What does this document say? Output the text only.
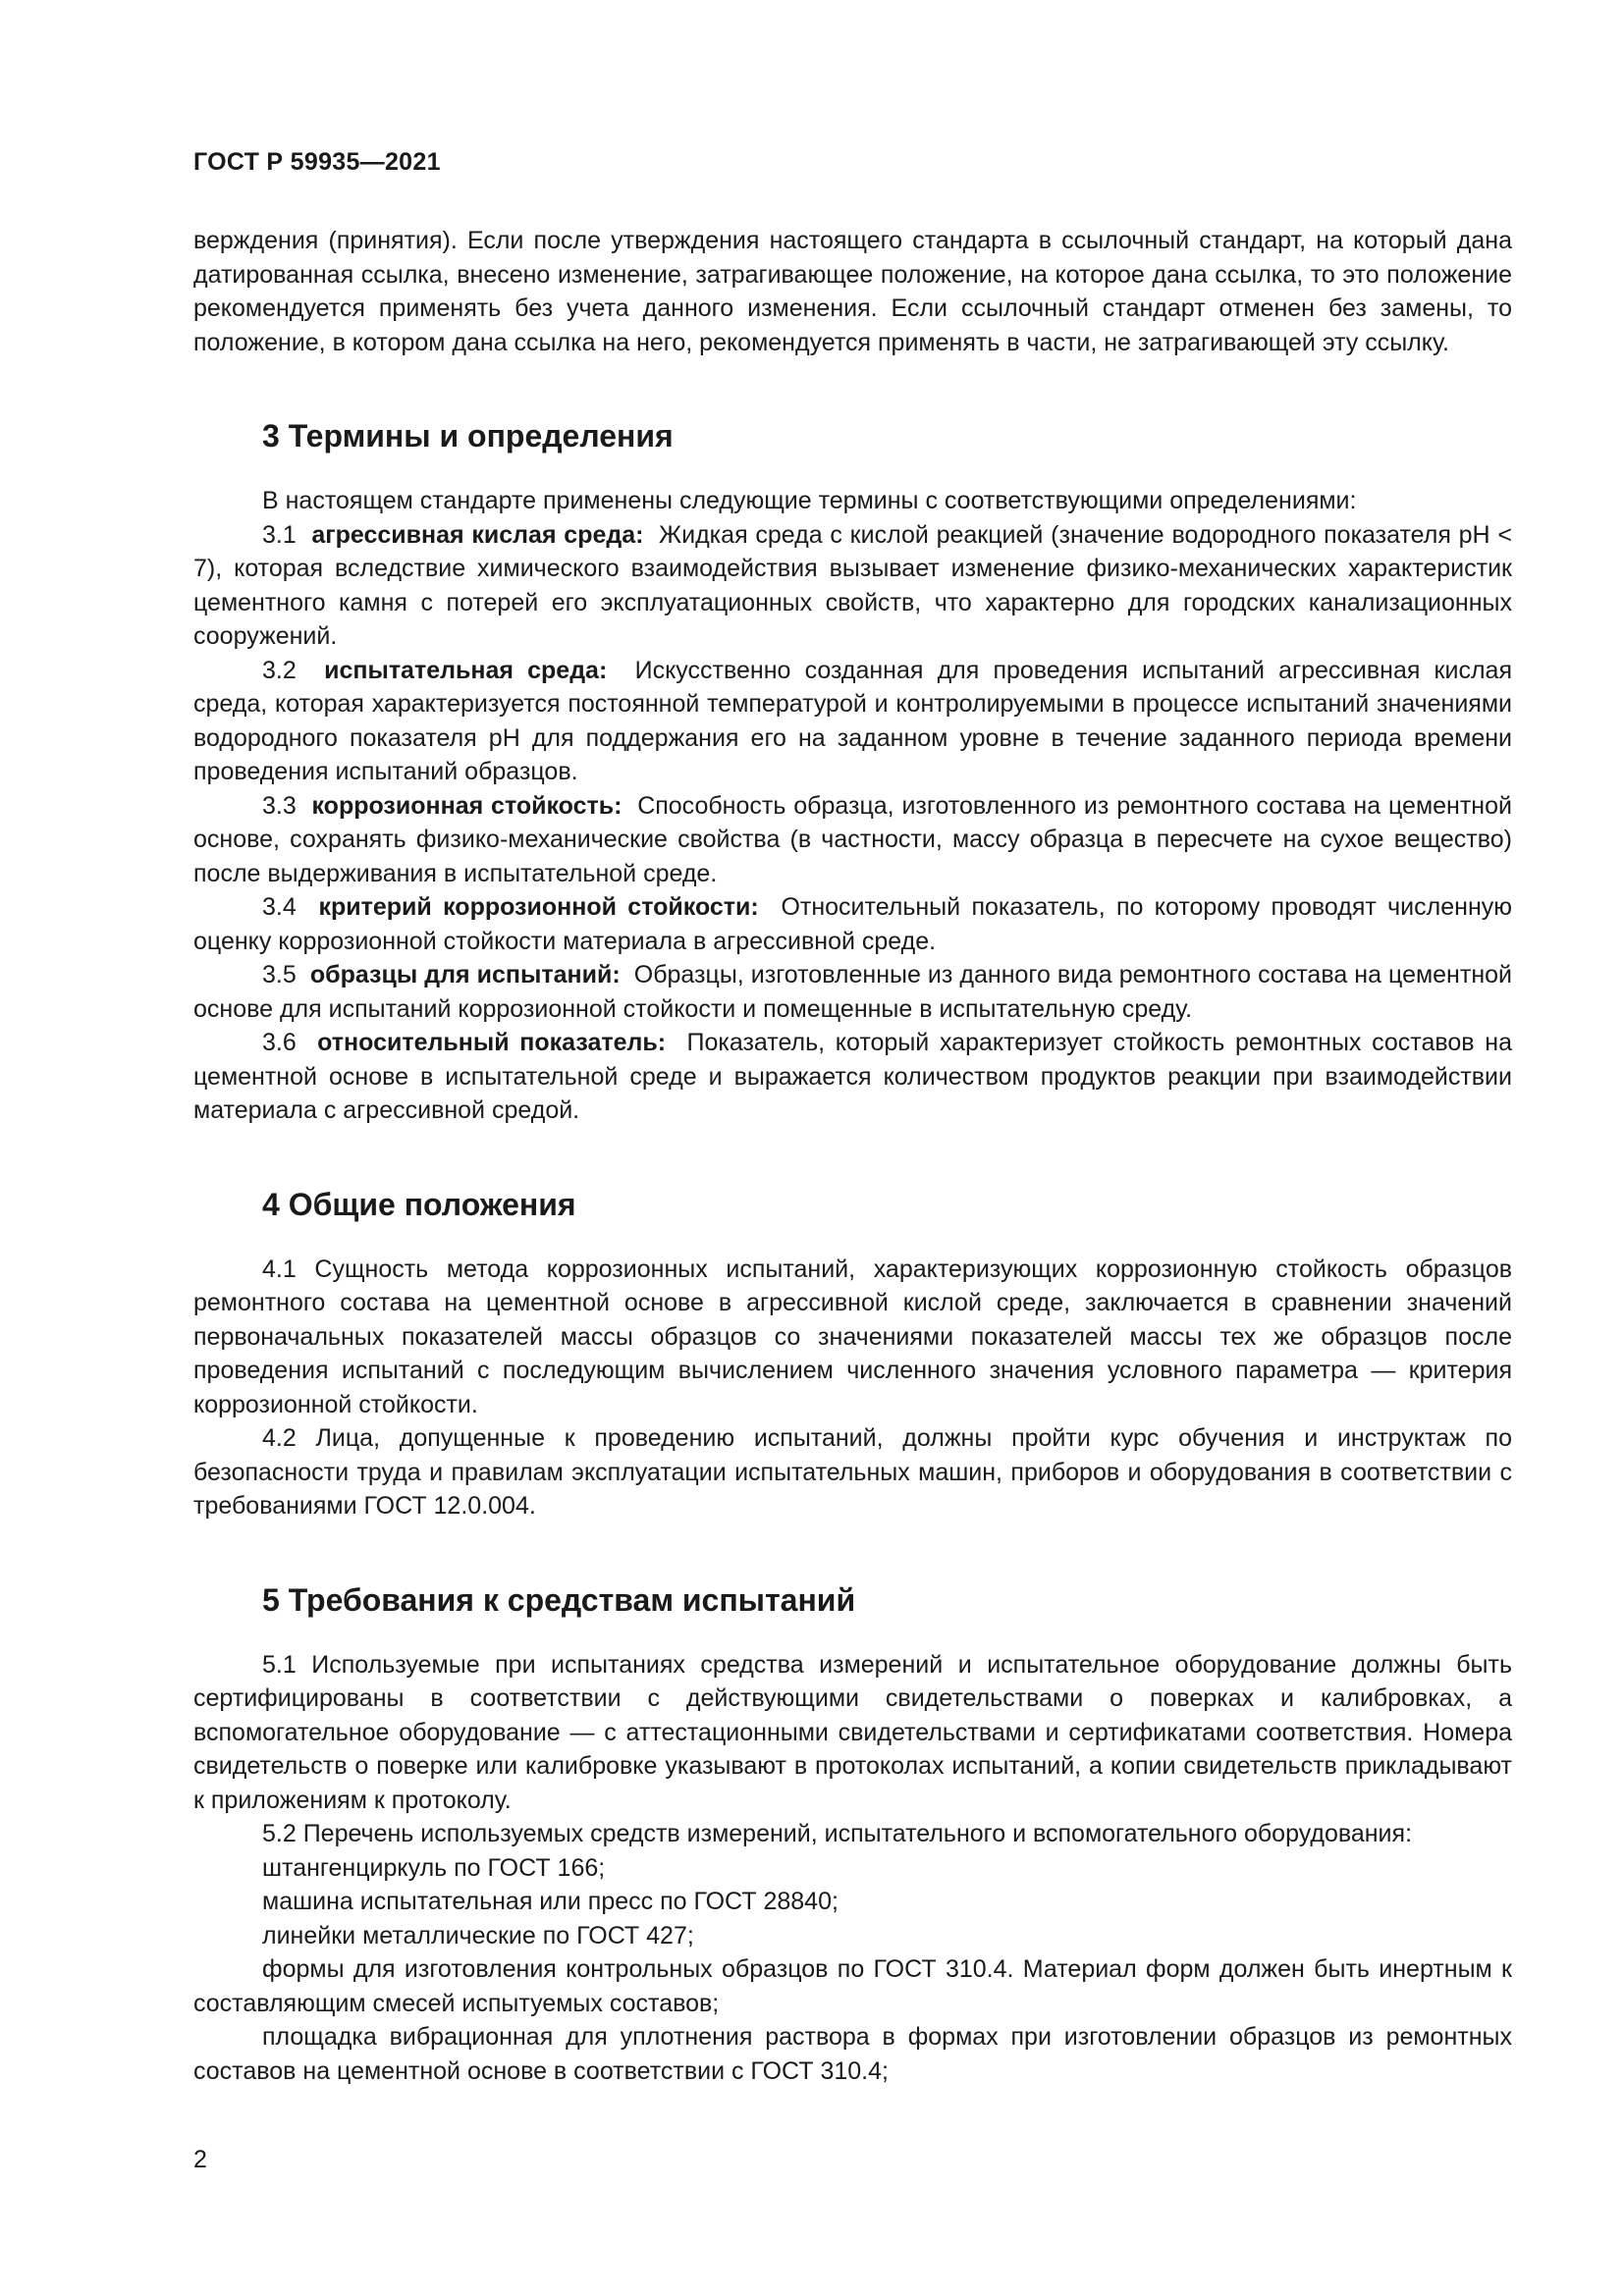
ГОСТ Р 59935—2021

верждения (принятия). Если после утверждения настоящего стандарта в ссылочный стандарт, на который дана датированная ссылка, внесено изменение, затрагивающее положение, на которое дана ссылка, то это положение рекомендуется применять без учета данного изменения. Если ссылочный стандарт отменен без замены, то положение, в котором дана ссылка на него, рекомендуется применять в части, не затрагивающей эту ссылку.

3 Термины и определения

В настоящем стандарте применены следующие термины с соответствующими определениями:

3.1 агрессивная кислая среда: Жидкая среда с кислой реакцией (значение водородного показателя pH < 7), которая вследствие химического взаимодействия вызывает изменение физико-механических характеристик цементного камня с потерей его эксплуатационных свойств, что характерно для городских канализационных сооружений.

3.2 испытательная среда: Искусственно созданная для проведения испытаний агрессивная кислая среда, которая характеризуется постоянной температурой и контролируемыми в процессе испытаний значениями водородного показателя pH для поддержания его на заданном уровне в течение заданного периода времени проведения испытаний образцов.

3.3 коррозионная стойкость: Способность образца, изготовленного из ремонтного состава на цементной основе, сохранять физико-механические свойства (в частности, массу образца в пересчете на сухое вещество) после выдерживания в испытательной среде.

3.4 критерий коррозионной стойкости: Относительный показатель, по которому проводят численную оценку коррозионной стойкости материала в агрессивной среде.

3.5 образцы для испытаний: Образцы, изготовленные из данного вида ремонтного состава на цементной основе для испытаний коррозионной стойкости и помещенные в испытательную среду.

3.6 относительный показатель: Показатель, который характеризует стойкость ремонтных составов на цементной основе в испытательной среде и выражается количеством продуктов реакции при взаимодействии материала с агрессивной средой.

4 Общие положения

4.1 Сущность метода коррозионных испытаний, характеризующих коррозионную стойкость образцов ремонтного состава на цементной основе в агрессивной кислой среде, заключается в сравнении значений первоначальных показателей массы образцов со значениями показателей массы тех же образцов после проведения испытаний с последующим вычислением численного значения условного параметра — критерия коррозионной стойкости.

4.2 Лица, допущенные к проведению испытаний, должны пройти курс обучения и инструктаж по безопасности труда и правилам эксплуатации испытательных машин, приборов и оборудования в соответствии с требованиями ГОСТ 12.0.004.

5 Требования к средствам испытаний

5.1 Используемые при испытаниях средства измерений и испытательное оборудование должны быть сертифицированы в соответствии с действующими свидетельствами о поверках и калибровках, а вспомогательное оборудование — с аттестационными свидетельствами и сертификатами соответствия. Номера свидетельств о поверке или калибровке указывают в протоколах испытаний, а копии свидетельств прикладывают к приложениям к протоколу.

5.2 Перечень используемых средств измерений, испытательного и вспомогательного оборудования:

штангенциркуль по ГОСТ 166;

машина испытательная или пресс по ГОСТ 28840;

линейки металлические по ГОСТ 427;

формы для изготовления контрольных образцов по ГОСТ 310.4. Материал форм должен быть инертным к составляющим смесей испытуемых составов;

площадка вибрационная для уплотнения раствора в формах при изготовлении образцов из ремонтных составов на цементной основе в соответствии с ГОСТ 310.4;

2
